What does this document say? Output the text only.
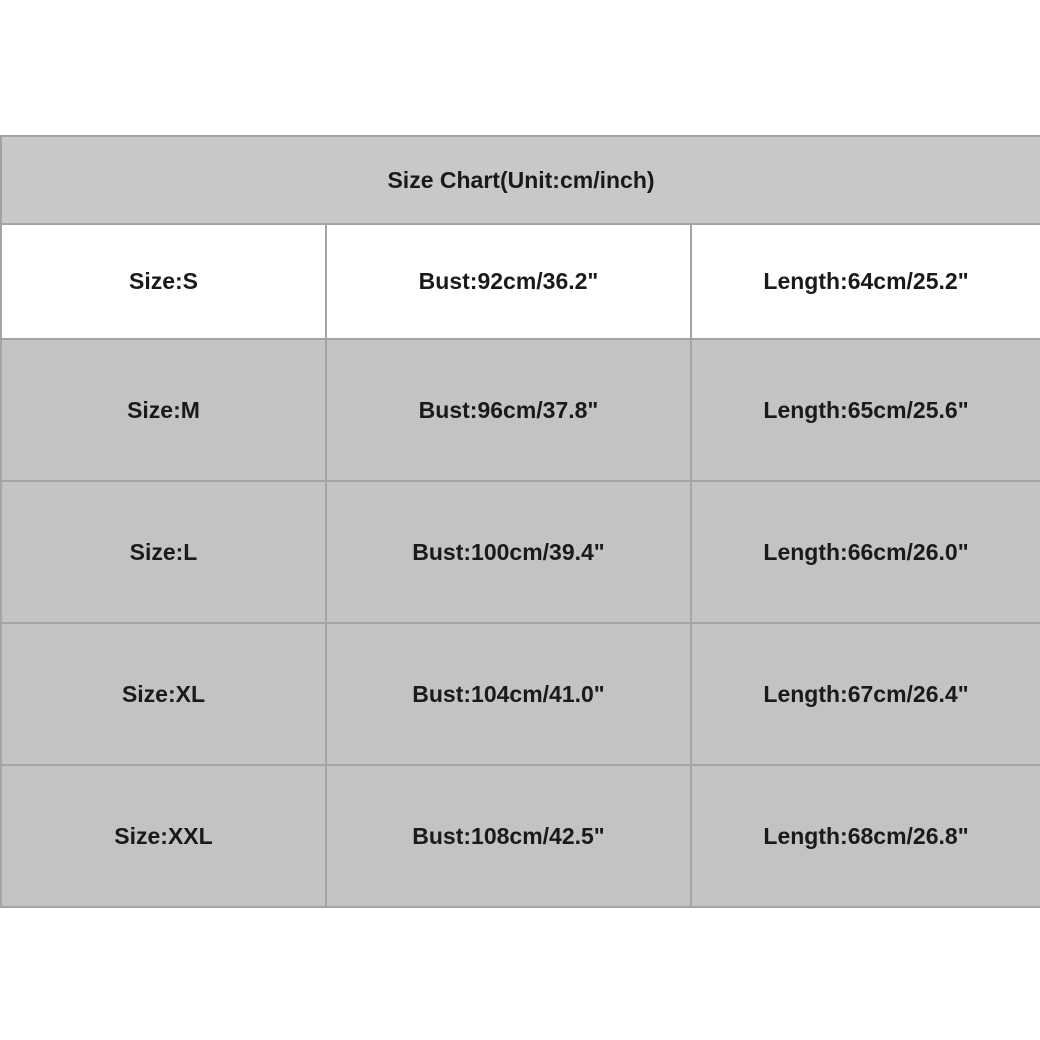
Size Chart(Unit:cm/inch)		
Size:S	Bust:92cm/36.2"	Length:64cm/25.2"
Size:M	Bust:96cm/37.8"	Length:65cm/25.6"
Size:L	Bust:100cm/39.4"	Length:66cm/26.0"
Size:XL	Bust:104cm/41.0"	Length:67cm/26.4"
Size:XXL	Bust:108cm/42.5"	Length:68cm/26.8"
